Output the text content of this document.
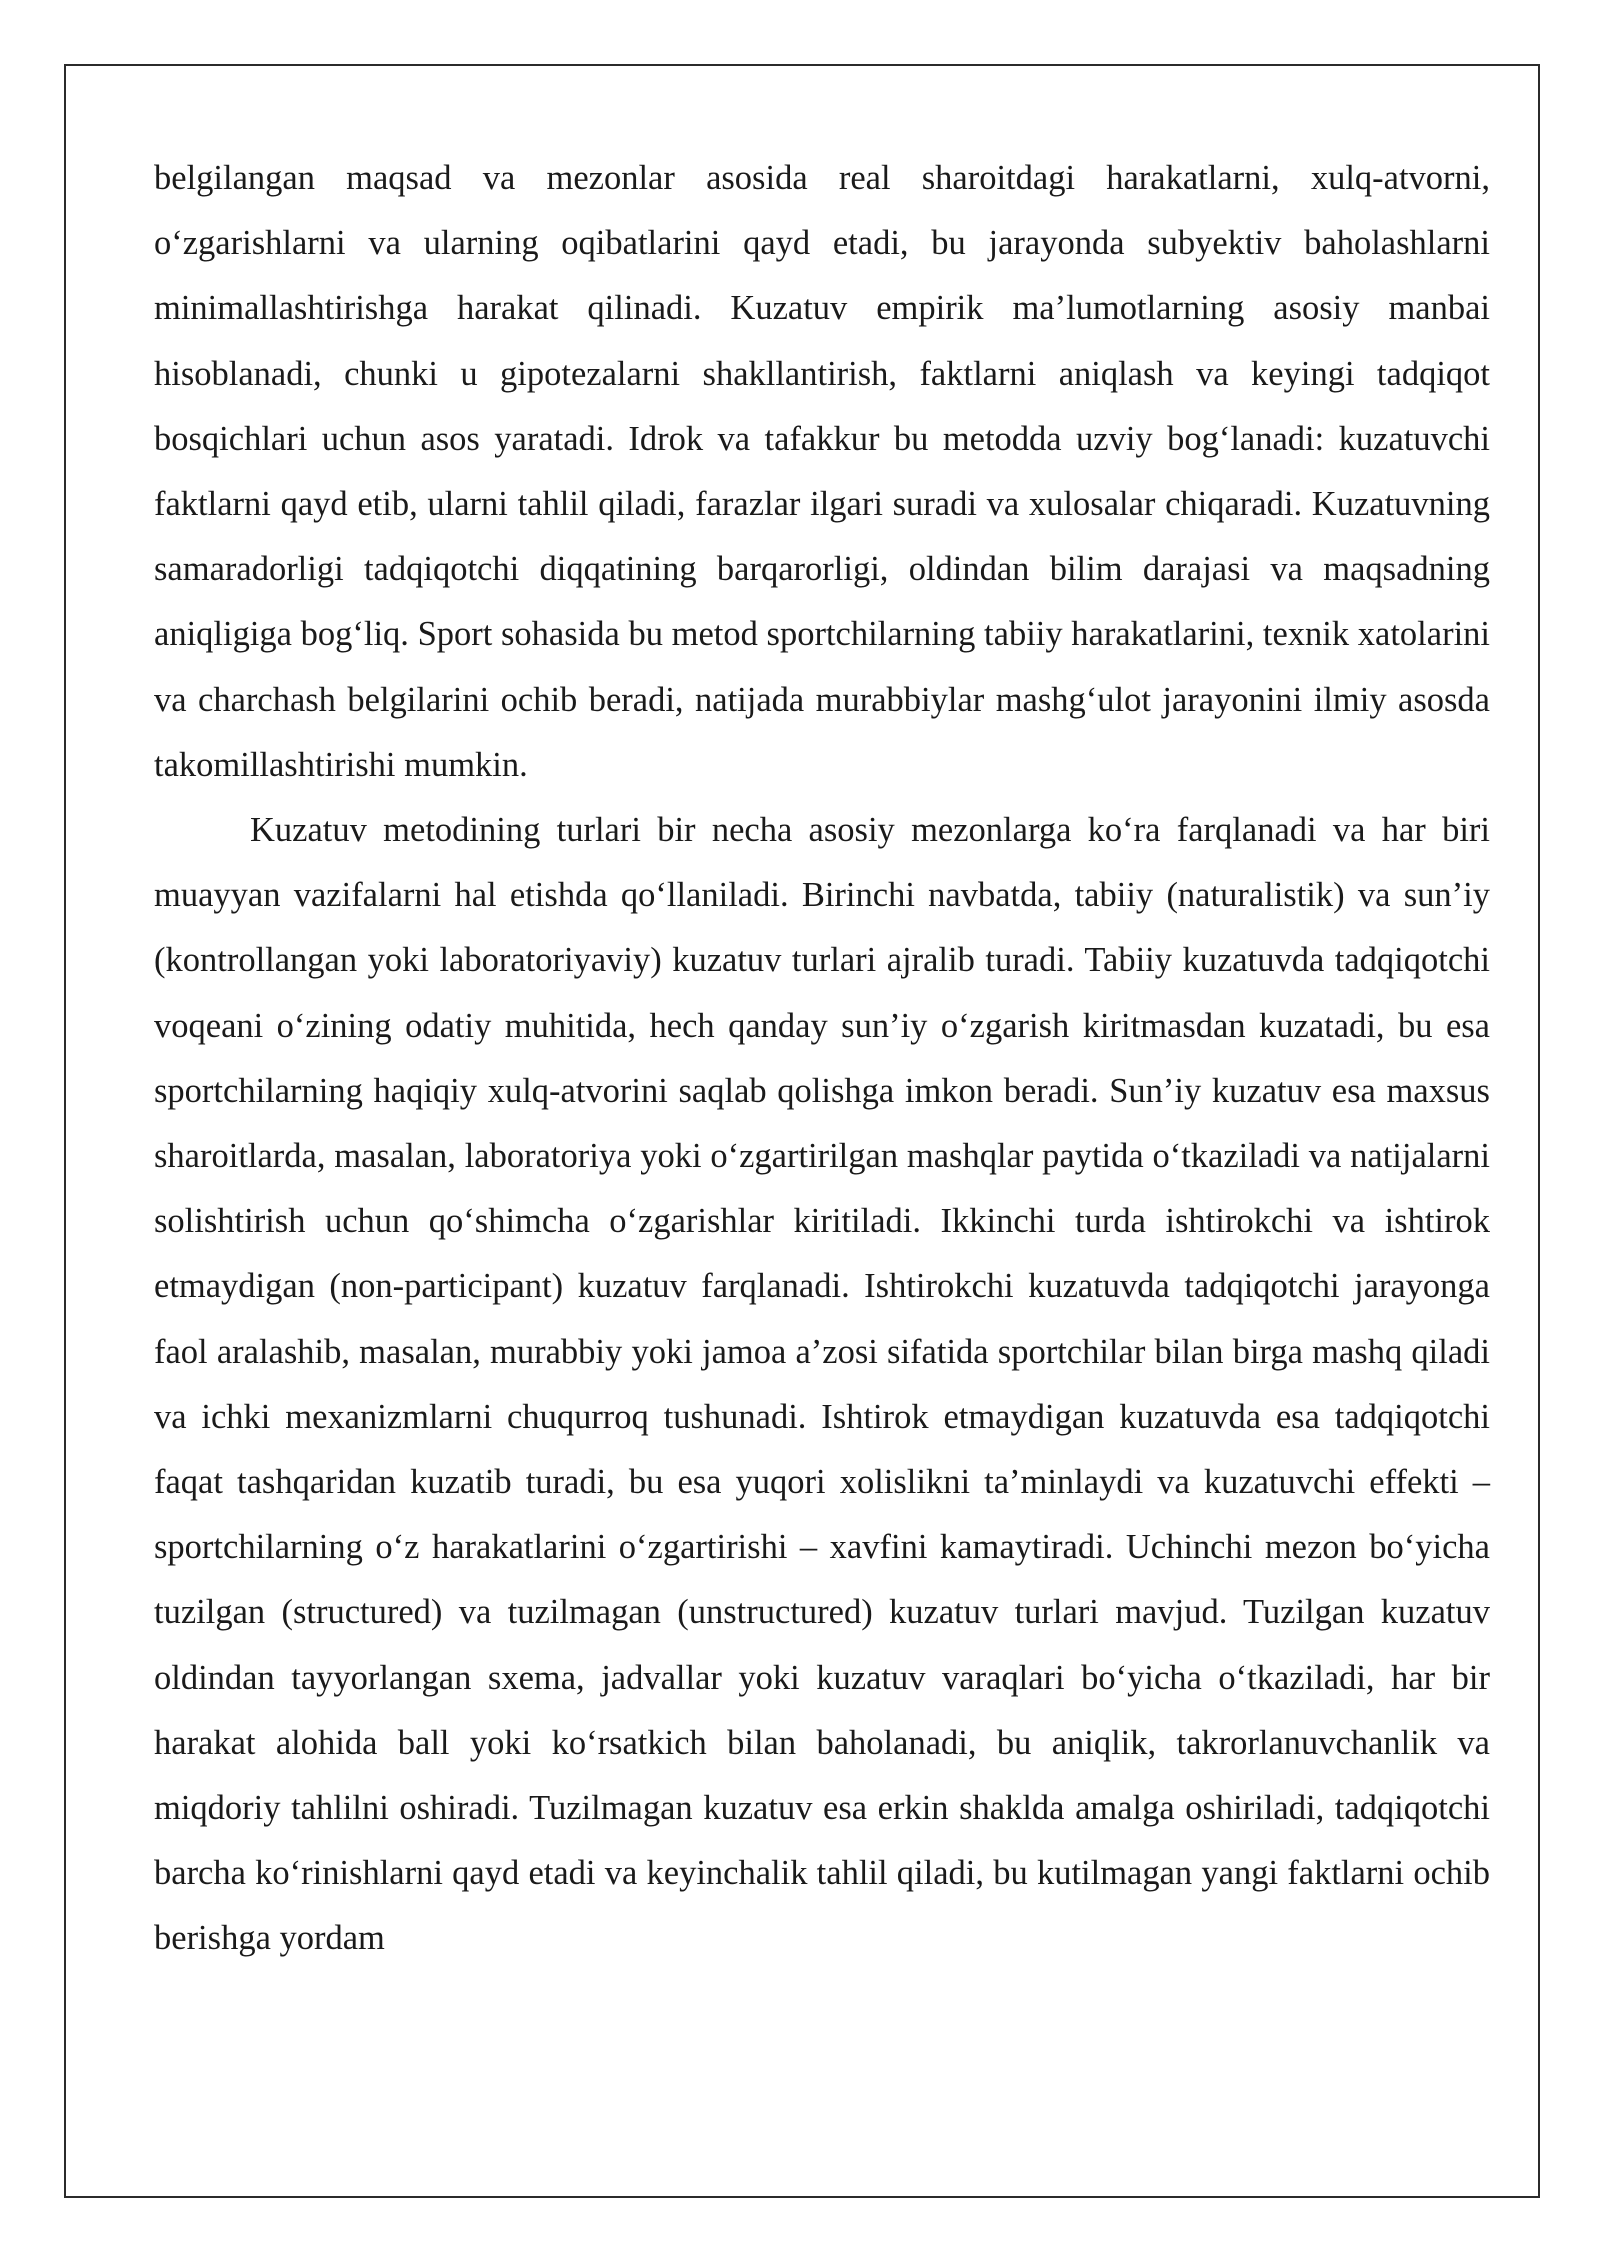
belgilangan maqsad va mezonlar asosida real sharoitdagi harakatlarni, xulq-atvorni, o‘zgarishlarni va ularning oqibatlarini qayd etadi, bu jarayonda subyektiv baholashlarni minimallashtirishga harakat qilinadi. Kuzatuv empirik ma’lumotlarning asosiy manbai hisoblanadi, chunki u gipotezalarni shakllantirish, faktlarni aniqlash va keyingi tadqiqot bosqichlari uchun asos yaratadi. Idrok va tafakkur bu metodda uzviy bog‘lanadi: kuzatuvchi faktlarni qayd etib, ularni tahlil qiladi, farazlar ilgari suradi va xulosalar chiqaradi. Kuzatuvning samaradorligi tadqiqotchi diqqatining barqarorligi, oldindan bilim darajasi va maqsadning aniqligiga bog‘liq. Sport sohasida bu metod sportchilarning tabiiy harakatlarini, texnik xatolarini va charchash belgilarini ochib beradi, natijada murabbiylar mashg‘ulot jarayonini ilmiy asosda takomillashtirishi mumkin.

Kuzatuv metodining turlari bir necha asosiy mezonlarga ko‘ra farqlanadi va har biri muayyan vazifalarni hal etishda qo‘llaniladi. Birinchi navbatda, tabiiy (naturalistik) va sun’iy (kontrollangan yoki laboratoriyaviy) kuzatuv turlari ajralib turadi. Tabiiy kuzatuvda tadqiqotchi voqeani o‘zining odatiy muhitida, hech qanday sun’iy o‘zgarish kiritmasdan kuzatadi, bu esa sportchilarning haqiqiy xulq-atvorini saqlab qolishga imkon beradi. Sun’iy kuzatuv esa maxsus sharoitlarda, masalan, laboratoriya yoki o‘zgartirilgan mashqlar paytida o‘tkaziladi va natijalarni solishtirish uchun qo‘shimcha o‘zgarishlar kiritiladi. Ikkinchi turda ishtirokchi va ishtirok etmaydigan (non-participant) kuzatuv farqlanadi. Ishtirokchi kuzatuvda tadqiqotchi jarayonga faol aralashib, masalan, murabbiy yoki jamoa a’zosi sifatida sportchilar bilan birga mashq qiladi va ichki mexanizmlarni chuqurroq tushunadi. Ishtirok etmaydigan kuzatuvda esa tadqiqotchi faqat tashqaridan kuzatib turadi, bu esa yuqori xolislikni ta’minlaydi va kuzatuvchi effekti – sportchilarning o‘z harakatlarini o‘zgartirishi – xavfini kamaytiradi. Uchinchi mezon bo‘yicha tuzilgan (structured) va tuzilmagan (unstructured) kuzatuv turlari mavjud. Tuzilgan kuzatuv oldindan tayyorlangan sxema, jadvallar yoki kuzatuv varaqlari bo‘yicha o‘tkaziladi, har bir harakat alohida ball yoki ko‘rsatkich bilan baholanadi, bu aniqlik, takrorlanuvchanlik va miqdoriy tahlilni oshiradi. Tuzilmagan kuzatuv esa erkin shaklda amalga oshiriladi, tadqiqotchi barcha ko‘rinishlarni qayd etadi va keyinchalik tahlil qiladi, bu kutilmagan yangi faktlarni ochib berishga yordam
